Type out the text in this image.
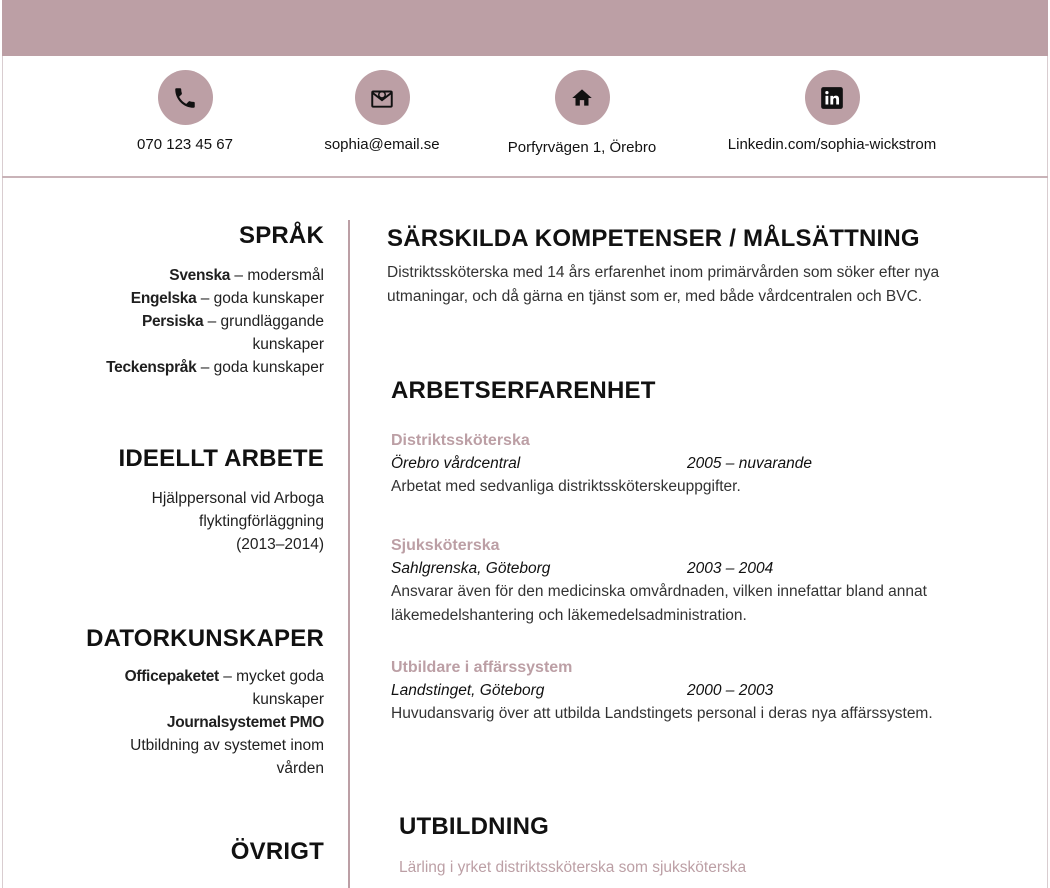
070 123 45 67	sophia@email.se	Porfyrvägen 1, Örebro	Linkedin.com/sophia-wickstrom
SPRÅK
Svenska – modersmål
Engelska – goda kunskaper
Persiska – grundläggande kunskaper
Teckenspråk – goda kunskaper
IDEELLT ARBETE
Hjälppersonal vid Arboga
flyktingförläggning
(2013–2014)
DATORKUNSKAPER
Officepaketet – mycket goda kunskaper
Journalsystemet PMO
Utbildning av systemet inom vården
ÖVRIGT
SÄRSKILDA KOMPETENSER / MÅLSÄTTNING
Distriktssköterska med 14 års erfarenhet inom primärvården som söker efter nya utmaningar, och då gärna en tjänst som er, med både vårdcentralen och BVC.
ARBETSERFARENHET
Distriktssköterska
Örebro vårdcentral	2005 – nuvarande
Arbetat med sedvanliga distriktssköterskeuppgifter.
Sjuksköterska
Sahlgrenska, Göteborg	2003 – 2004
Ansvarar även för den medicinska omvårdnaden, vilken innefattar bland annat läkemedelshantering och läkemedelsadministration.
Utbildare i affärssystem
Landstinget, Göteborg	2000 – 2003
Huvudansvarig över att utbilda Landstingets personal i deras nya affärssystem.
UTBILDNING
Lärling i yrket distriktssköterska som sjuksköterska
